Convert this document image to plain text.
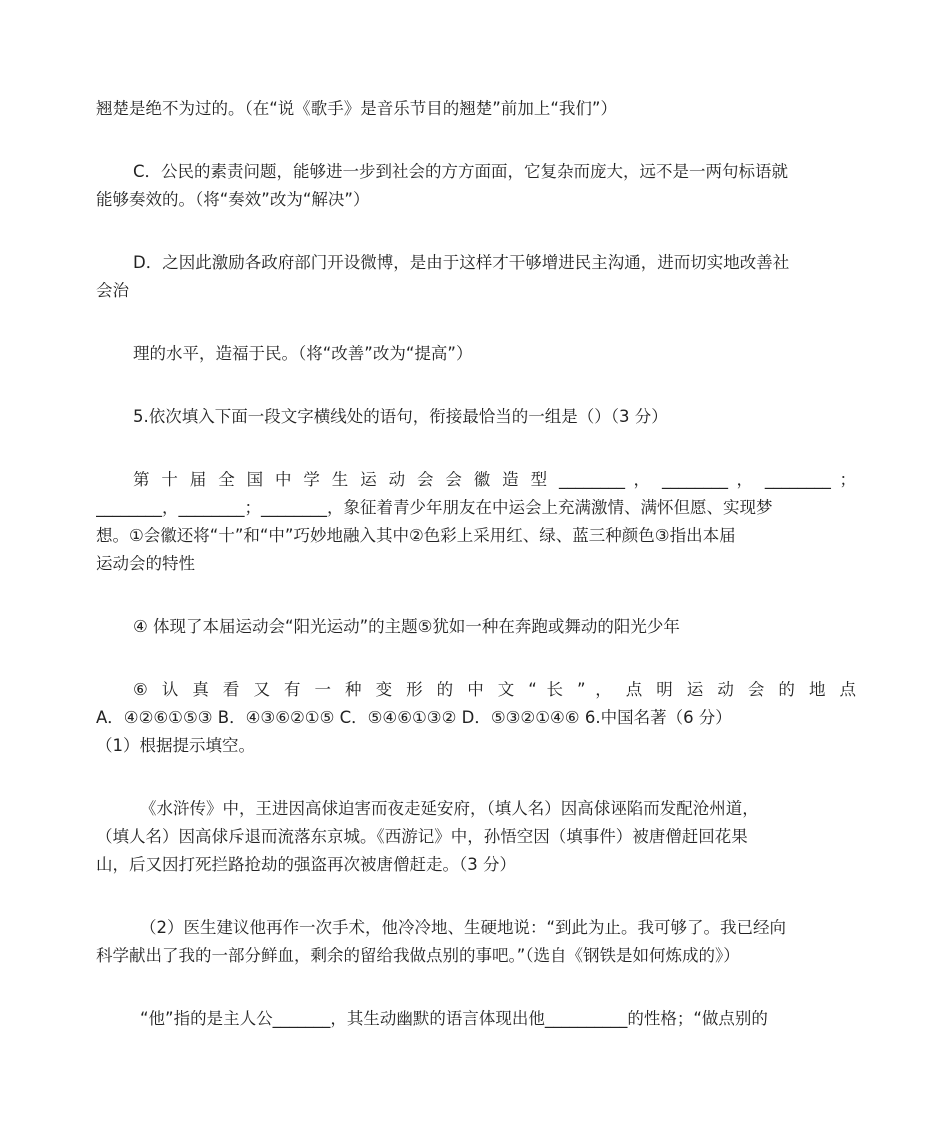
翘楚是绝不为过的。（在“说《歌手》是音乐节目的翘楚”前加上“我们”）
C．公民的素责问题，能够进一步到社会的方方面面，它复杂而庞大，远不是一两句标语就
能够奏效的。（将“奏效”改为“解决”）
D．之因此激励各政府部门开设微博，是由于这样才干够增进民主沟通，进而切实地改善社
会治
理的水平，造福于民。（将“改善”改为“提高”）
5.依次填入下面一段文字横线处的语句，衔接最恰当的一组是（）（3 分）
第 十 届 全 国 中 学 生 运 动 会 会 徽 造 型 ________ ， ________ ， ________ ；
________，________；________，象征着青少年朋友在中运会上充满激情、满怀但愿、实现梦
想。①会徽还将“十”和“中”巧妙地融入其中②色彩上采用红、绿、蓝三种颜色③指出本届
运动会的特性
④ 体现了本届运动会“阳光运动”的主题⑤犹如一种在奔跑或舞动的阳光少年
⑥ 认 真 看 又 有 一 种 变 形 的 中 文 “ 长 ” ， 点 明 运 动 会 的 地 点
A．④②⑥①⑤③ B．④③⑥②①⑤ C．⑤④⑥①③② D．⑤③②①④⑥ 6.中国名著（6 分）
（1）根据提示填空。
《水浒传》中，王进因高俅迫害而夜走延安府，（填人名）因高俅诬陷而发配沧州道，
（填人名）因高俅斥退而流落东京城。《西游记》中，孙悟空因（填事件）被唐僧赶回花果
山，后又因打死拦路抢劫的强盗再次被唐僧赶走。（3 分）
（2）医生建议他再作一次手术，他冷冷地、生硬地说：“到此为止。我可够了。我已经向
科学献出了我的一部分鲜血，剩余的留给我做点别的事吧。”（选自《钢铁是如何炼成的》）
“他”指的是主人公_______，其生动幽默的语言体现出他__________的性格；“做点别的
